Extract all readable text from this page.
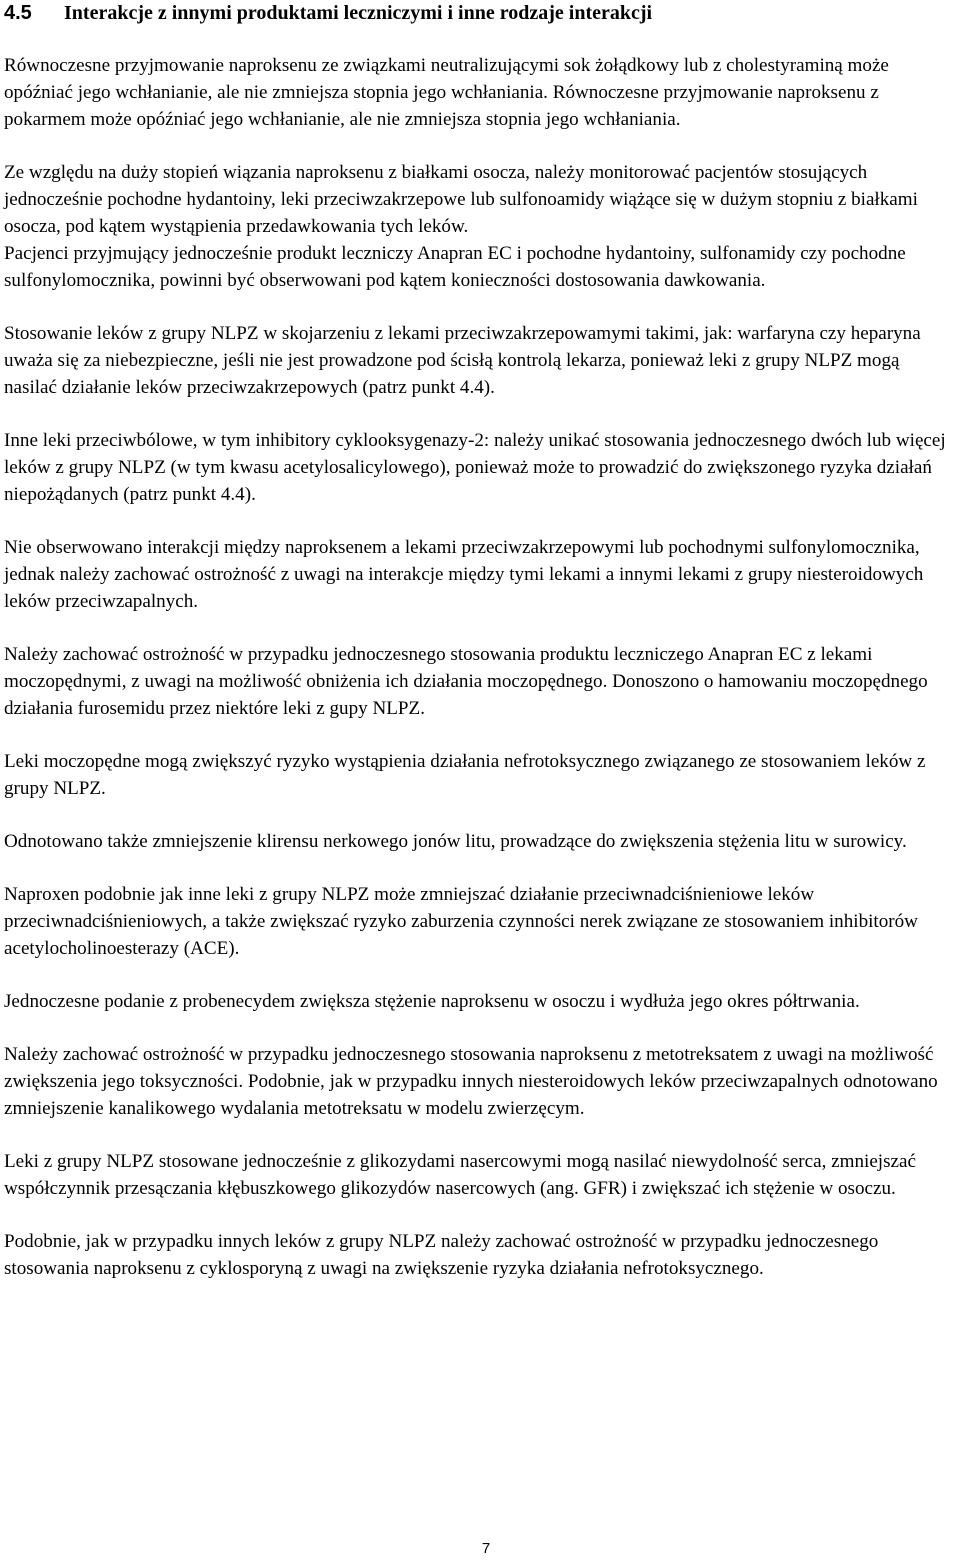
4.5 Interakcje z innymi produktami leczniczymi i inne rodzaje interakcji

Równoczesne przyjmowanie naproksenu ze związkami neutralizującymi sok żołądkowy lub z cholestyraminą może opóźniać jego wchłanianie, ale nie zmniejsza stopnia jego wchłaniania. Równoczesne przyjmowanie naproksenu z pokarmem może opóźniać jego wchłanianie, ale nie zmniejsza stopnia jego wchłaniania.

Ze względu na duży stopień wiązania naproksenu z białkami osocza, należy monitorować pacjentów stosujących jednocześnie pochodne hydantoiny, leki przeciwzakrzepowe lub sulfonoamidy wiążące się w dużym stopniu z białkami osocza, pod kątem wystąpienia przedawkowania tych leków.

Pacjenci przyjmujący jednocześnie produkt leczniczy Anapran EC i pochodne hydantoiny, sulfonamidy czy pochodne sulfonylomocznika, powinni być obserwowani pod kątem konieczności dostosowania dawkowania.

Stosowanie leków z grupy NLPZ w skojarzeniu z lekami przeciwzakrzepowamymi takimi, jak: warfaryna czy heparyna uważa się za niebezpieczne, jeśli nie jest prowadzone pod ścisłą kontrolą lekarza, ponieważ leki z grupy NLPZ mogą nasilać działanie leków przeciwzakrzepowych (patrz punkt 4.4).

Inne leki przeciwbólowe, w tym inhibitory cyklooksygenazy-2: należy unikać stosowania jednoczesnego dwóch lub więcej leków z grupy NLPZ (w tym kwasu acetylosalicylowego), ponieważ może to prowadzić do zwiększonego ryzyka działań niepożądanych (patrz punkt 4.4).

Nie obserwowano interakcji między naproksenem a lekami przeciwzakrzepowymi lub pochodnymi sulfonylomocznika, jednak należy zachować ostrożność z uwagi na interakcje między tymi lekami a innymi lekami z grupy niesteroidowych leków przeciwzapalnych.

Należy zachować ostrożność w przypadku jednoczesnego stosowania produktu leczniczego Anapran EC z lekami moczopędnymi, z uwagi na możliwość obniżenia ich działania moczopędnego. Donoszono o hamowaniu moczopędnego działania furosemidu przez niektóre leki z gupy NLPZ.

Leki moczopędne mogą zwiększyć ryzyko wystąpienia działania nefrotoksycznego związanego ze stosowaniem leków z grupy NLPZ.

Odnotowano także zmniejszenie klirensu nerkowego jonów litu, prowadzące do zwiększenia stężenia litu w surowicy.

Naproxen podobnie jak inne leki z grupy NLPZ może zmniejszać działanie przeciwnadciśnieniowe leków przeciwnadciśnieniowych, a także zwiększać ryzyko zaburzenia czynności nerek związane ze stosowaniem inhibitorów acetylocholinoesterazy (ACE).

Jednoczesne podanie z probenecydem zwiększa stężenie naproksenu w osoczu i wydłuża jego okres półtrwania.

Należy zachować ostrożność w przypadku jednoczesnego stosowania naproksenu z metotreksatem z uwagi na możliwość zwiększenia jego toksyczności. Podobnie, jak w przypadku innych niesteroidowych leków przeciwzapalnych odnotowano zmniejszenie kanalikowego wydalania metotreksatu w modelu zwierzęcym.

Leki z grupy NLPZ stosowane jednocześnie z glikozydami nasercowymi mogą nasilać niewydolność serca, zmniejszać współczynnik przesączania kłębuszkowego glikozydów nasercowych (ang. GFR) i zwiększać ich stężenie w osoczu.

Podobnie, jak w przypadku innych leków z grupy NLPZ należy zachować ostrożność w przypadku jednoczesnego stosowania naproksenu z cyklosporyną z uwagi na zwiększenie ryzyka działania nefrotoksycznego.

7
